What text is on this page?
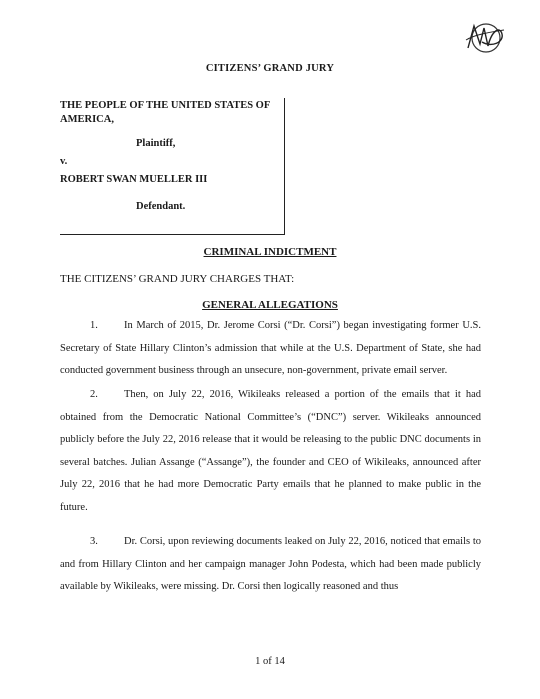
CITIZENS’ GRAND JURY
THE PEOPLE OF THE UNITED STATES OF AMERICA,
Plaintiff,
v.
ROBERT SWAN MUELLER III
Defendant.
CRIMINAL INDICTMENT
THE CITIZENS’ GRAND JURY CHARGES THAT:
GENERAL ALLEGATIONS
1. In March of 2015, Dr. Jerome Corsi (“Dr. Corsi”) began investigating former U.S. Secretary of State Hillary Clinton’s admission that while at the U.S. Department of State, she had conducted government business through an unsecure, non-government, private email server.
2. Then, on July 22, 2016, Wikileaks released a portion of the emails that it had obtained from the Democratic National Committee’s (“DNC”) server. Wikileaks announced publicly before the July 22, 2016 release that it would be releasing to the public DNC documents in several batches. Julian Assange (“Assange”), the founder and CEO of Wikileaks, announced after July 22, 2016 that he had more Democratic Party emails that he planned to make public in the future.
3. Dr. Corsi, upon reviewing documents leaked on July 22, 2016, noticed that emails to and from Hillary Clinton and her campaign manager John Podesta, which had been made publicly available by Wikileaks, were missing. Dr. Corsi then logically reasoned and thus
1 of 14
